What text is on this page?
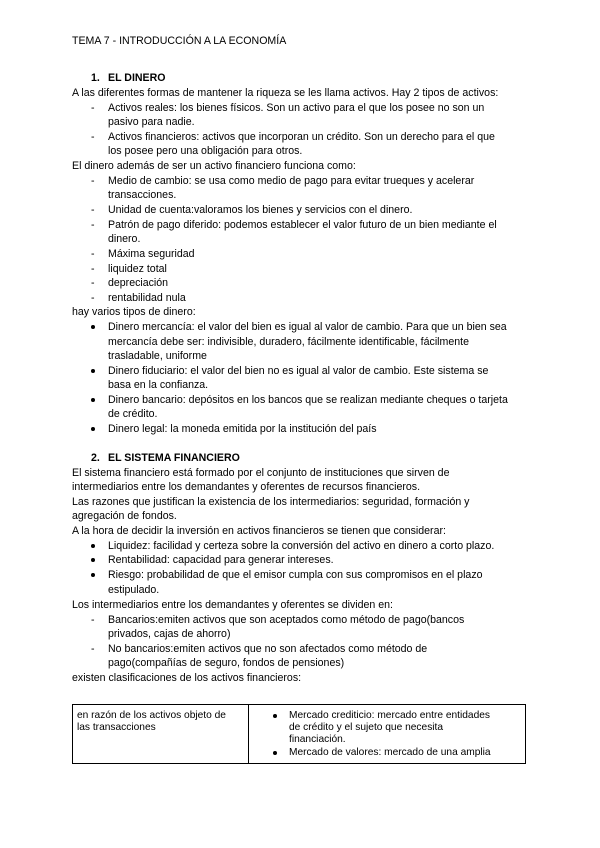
TEMA 7 - INTRODUCCIÓN A LA ECONOMÍA
1. EL DINERO
A las diferentes formas de mantener la riqueza se les llama activos. Hay 2 tipos de activos:
- Activos reales: los bienes físicos. Son un activo para el que los posee no son un
pasivo para nadie.
- Activos financieros: activos que incorporan un crédito. Son un derecho para el que
los posee pero una obligación para otros.
El dinero además de ser un activo financiero funciona como:
- Medio de cambio: se usa como medio de pago para evitar trueques y acelerar
transacciones.
- Unidad de cuenta:valoramos los bienes y servicios con el dinero.
- Patrón de pago diferido: podemos establecer el valor futuro de un bien mediante el
dinero.
- Máxima seguridad
- liquidez total
- depreciación
- rentabilidad nula
hay varios tipos de dinero:
Dinero mercancía: el valor del bien es igual al valor de cambio. Para que un bien sea
mercancía debe ser: indivisible, duradero, fácilmente identificable, fácilmente
trasladable, uniforme
Dinero fiduciario: el valor del bien no es igual al valor de cambio. Este sistema se
basa en la confianza.
Dinero bancario: depósitos en los bancos que se realizan mediante cheques o tarjeta
de crédito.
Dinero legal: la moneda emitida por la institución del país
2. EL SISTEMA FINANCIERO
El sistema financiero está formado por el conjunto de instituciones que sirven de
intermediarios entre los demandantes y oferentes de recursos financieros.
Las razones que justifican la existencia de los intermediarios: seguridad, formación y
agregación de fondos.
A la hora de decidir la inversión en activos financieros se tienen que considerar:
Liquidez: facilidad y certeza sobre la conversión del activo en dinero a corto plazo.
Rentabilidad: capacidad para generar intereses.
Riesgo: probabilidad de que el emisor cumpla con sus compromisos en el plazo
estipulado.
Los intermediarios entre los demandantes y oferentes se dividen en:
- Bancarios:emiten activos que son aceptados como método de pago(bancos
privados, cajas de ahorro)
- No bancarios:emiten activos que no son afectados como método de
pago(compañías de seguro, fondos de pensiones)
existen clasificaciones de los activos financieros:
en razón de los activos objeto de
las transacciones
Mercado crediticio: mercado entre entidades
de crédito y el sujeto que necesita
financiación.
Mercado de valores: mercado de una amplia
